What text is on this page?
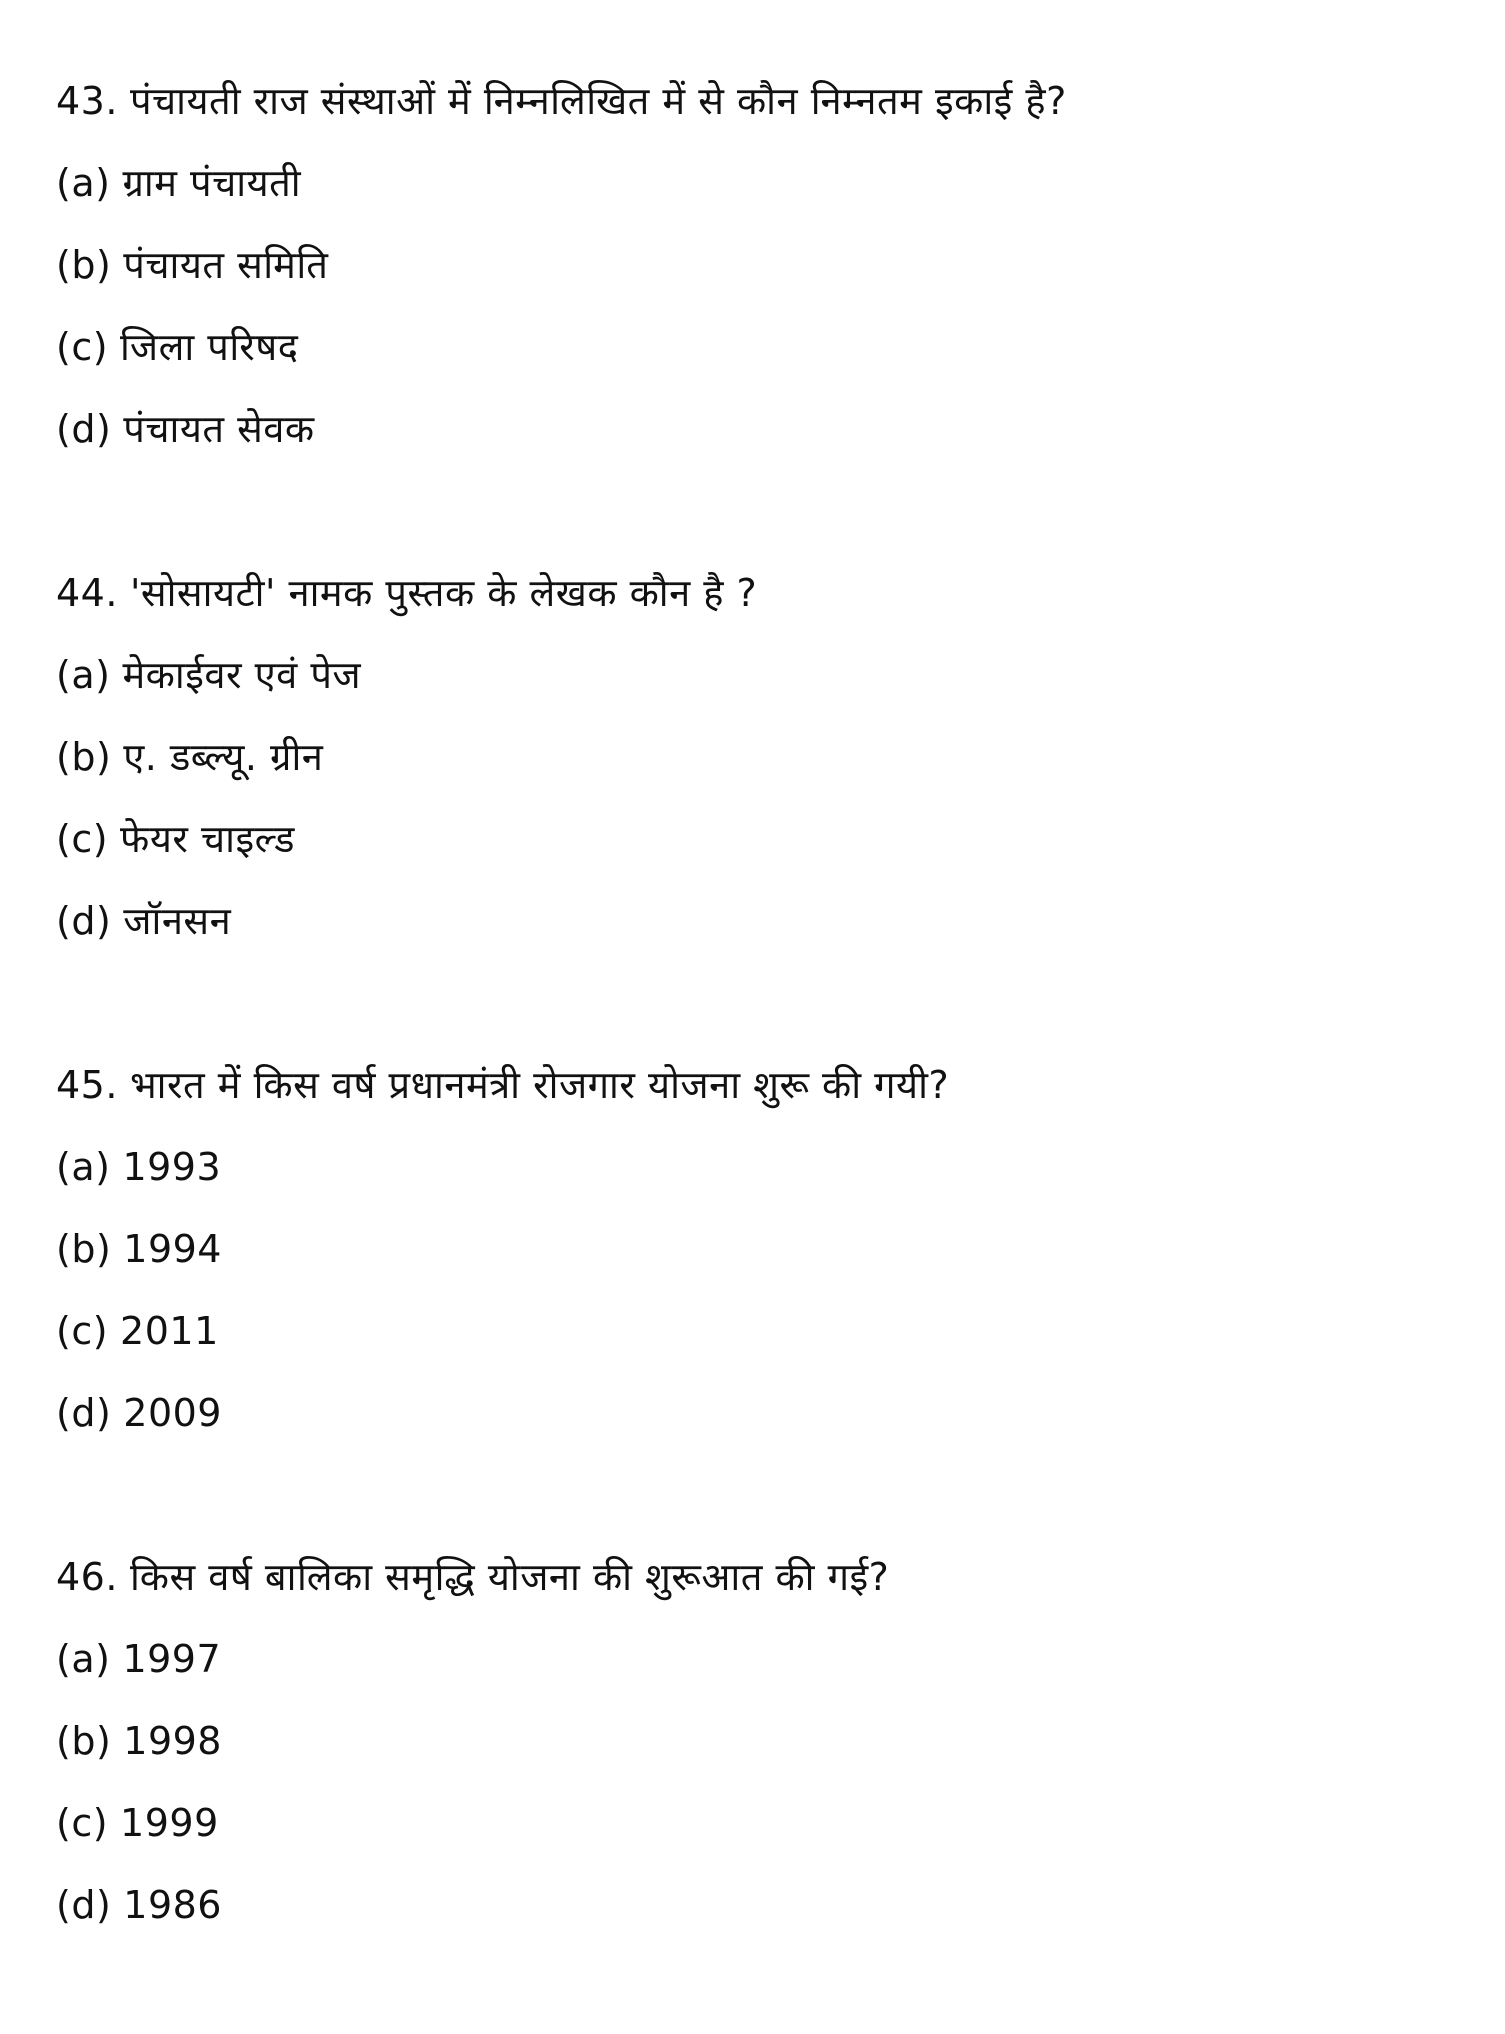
43. पंचायती राज संस्थाओं में निम्नलिखित में से कौन निम्नतम इकाई है?
(a) ग्राम पंचायती
(b) पंचायत समिति
(c) जिला परिषद
(d) पंचायत सेवक
44. 'सोसायटी' नामक पुस्तक के लेखक कौन है ?
(a) मेकाईवर एवं पेज
(b) ए. डब्ल्यू. ग्रीन
(c) फेयर चाइल्ड
(d) जॉनसन
45. भारत में किस वर्ष प्रधानमंत्री रोजगार योजना शुरू की गयी?
(a) 1993
(b) 1994
(c) 2011
(d) 2009
46. किस वर्ष बालिका समृद्धि योजना की शुरूआत की गई?
(a) 1997
(b) 1998
(c) 1999
(d) 1986
